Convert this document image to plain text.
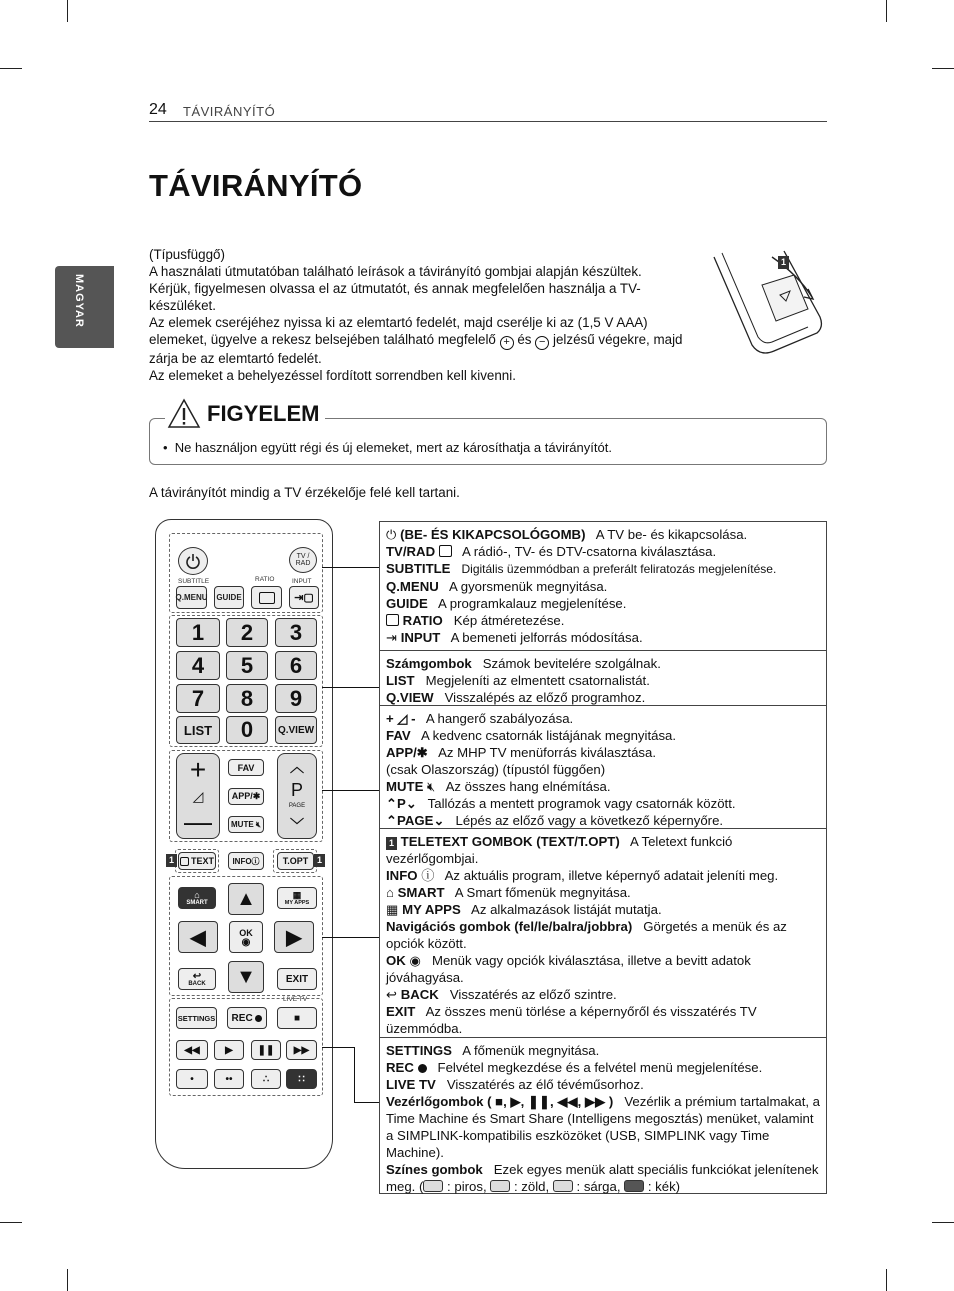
24 TÁVIRÁNYÍTÓ
MAGYAR
TÁVIRÁNYÍTÓ

(Típusfüggő)

A használati útmutatóban található leírások a távirányító gombjai alapján készültek.

Kérjük, figyelmesen olvassa el az útmutatót, és annak megfelelően használja a TV-készüléket.

Az elemek cseréjéhez nyissa ki az elemtartó fedelét, majd cserélje ki az (1,5 V AAA) elemeket, ügyelve a rekesz belsejében található megfelelő + és − jelzésű végekre, majd zárja be az elemtartó fedelét.

Az elemeket a behelyezéssel fordított sorrendben kell kivenni.

1
FIGYELEM
•  Ne használjon együtt régi és új elemeket, mert az károsíthatja a távirányítót.
A távirányítót mindig a TV érzékelője felé kell tartani.
TV / RAD
SUBTITLE	RATIO	INPUT
Q.MENU GUIDE	⇥▢
1	2	3
4	5	6
7	8	9
LIST	0	Q.VIEW
+
◿
—
FAV
APP/✱
MUTE
🔇︎
︿
P
PAGE
﹀
1	1
TEXT INFO ⓘ	T.OPT
⌂
SMART
▦
MY APPS
▲
◀	OK
◉ ▶
↩
BACK ▼	EXIT
LIVE TV
SETTINGS REC
	■
◀◀	▶ ❚❚ ▶▶
•	••	∴	∷

⏻ (BE- ÉS KIKAPCSOLÓGOMB) A TV be- és kikapcsolása.

TV/RAD A rádió-, TV- és DTV-csatorna kiválasztása.

SUBTITLE Digitális üzemmódban a preferált feliratozás megjelenítése.

Q.MENU A gyorsmenük megnyitása.

GUIDE A programkalauz megjelenítése.

RATIO Kép átméretezése.

⇥ INPUT A bemeneti jelforrás módosítása.

Számgombok Számok bevitelére szolgálnak.

LIST Megjeleníti az elmentett csatornalistát.

Q.VIEW Visszalépés az előző programhoz.

+ ◿ - A hangerő szabályozása.

FAV A kedvenc csatornák listájának megnyitása.

APP/✱ Az MHP TV menüforrás kiválasztása.

(csak Olaszország) (típustól függően)

MUTE 🔇︎ Az összes hang elnémítása.

⌃P⌄ Tallózás a mentett programok vagy csatornák között.

⌃PAGE⌄ Lépés az előző vagy a következő képernyőre.

1 TELETEXT GOMBOK (TEXT/T.OPT) A Teletext funkció vezérlőgombjai.

INFO ⓘ Az aktuális program, illetve képernyő adatait jeleníti meg.

⌂ SMART A Smart főmenük megnyitása.

▦ MY APPS Az alkalmazások listáját mutatja.

Navigációs gombok (fel/le/balra/jobbra) Görgetés a menük és az opciók között.

OK ◉ Menük vagy opciók kiválasztása, illetve a bevitt adatok jóváhagyása.

↩ BACK Visszatérés az előző szintre.

EXIT Az összes menü törlése a képernyőről és visszatérés TV üzemmódba.

SETTINGS A főmenük megnyitása.

REC Felvétel megkezdése és a felvétel menü megjelenítése.

LIVE TV Visszatérés az élő tévéműsorhoz.

Vezérlőgombok ( ■, ▶, ❚❚, ◀◀, ▶▶ ) Vezérlik a prémium tartalmakat, a Time Machine és Smart Share (Intelligens megosztás) menüket, valamint a SIMPLINK-kompatibilis eszközöket (USB, SIMPLINK vagy Time Machine).

Színes gombok Ezek egyes menük alatt speciális funkciókat jelenítenek meg. ( : piros, : zöld, : sárga, : kék)
